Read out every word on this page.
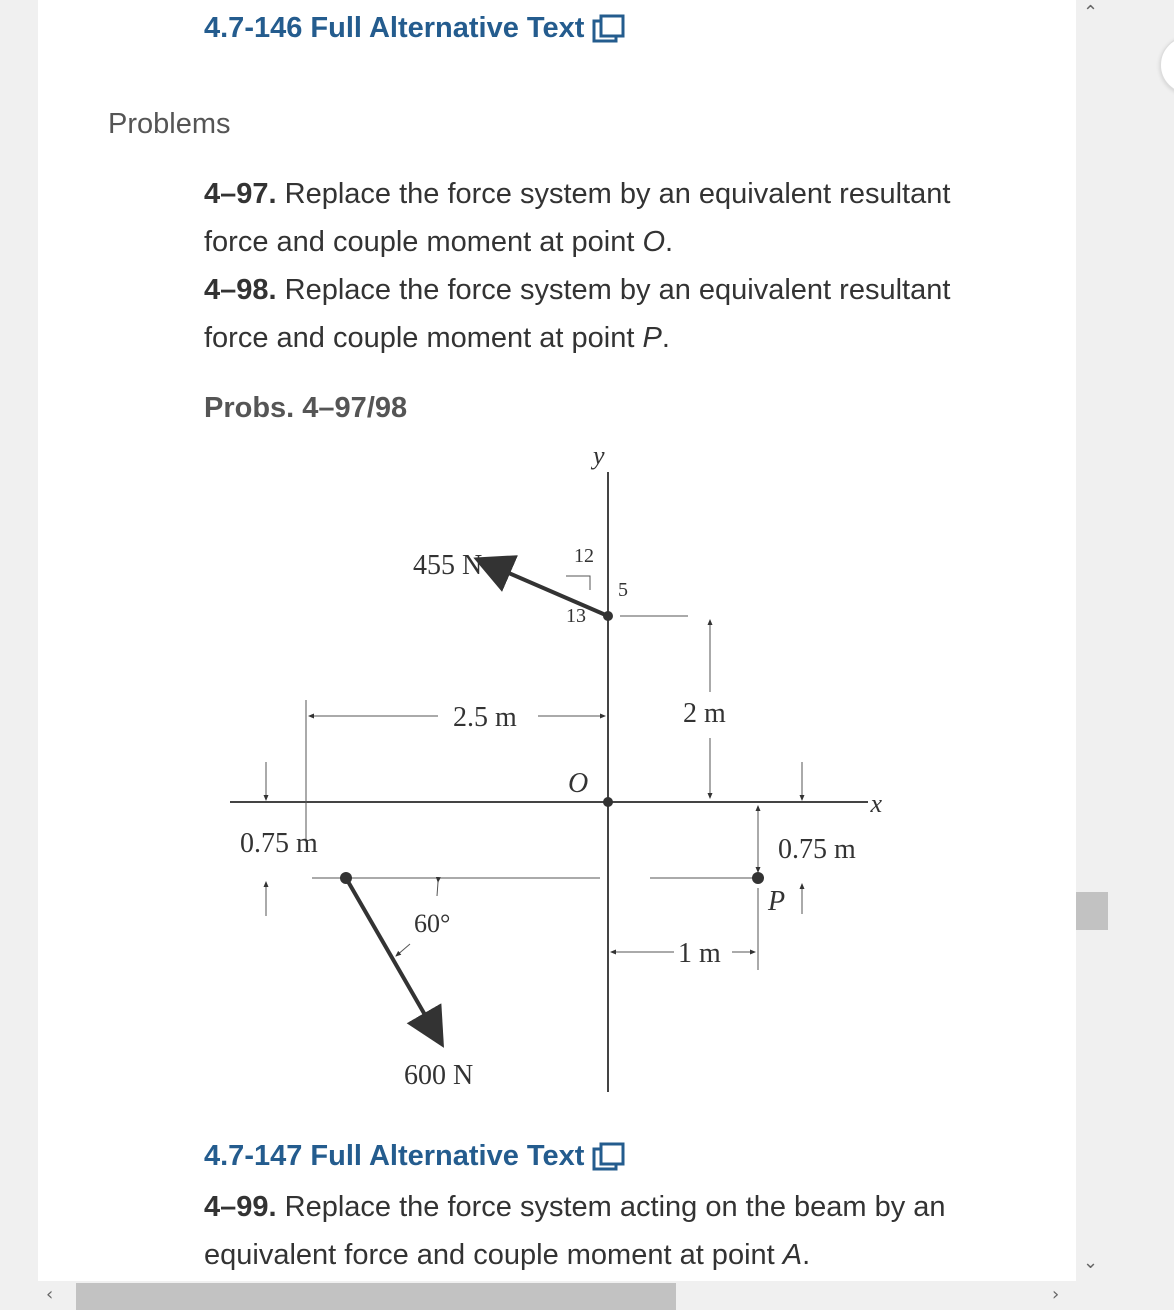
4.7-146 Full Alternative Text
Problems
4–97. Replace the force system by an equivalent resultant force and couple moment at point O.
4–98. Replace the force system by an equivalent resultant force and couple moment at point P.
Probs. 4–97/98
y
x
O
455 N	12
5
13
2.5 m	2 m
0.75 m
60°
600 N
0.75 m
P
1 m
4.7-147 Full Alternative Text
4–99. Replace the force system acting on the beam by an equivalent force and couple moment at point A.
⌃
⌄
‹	›
